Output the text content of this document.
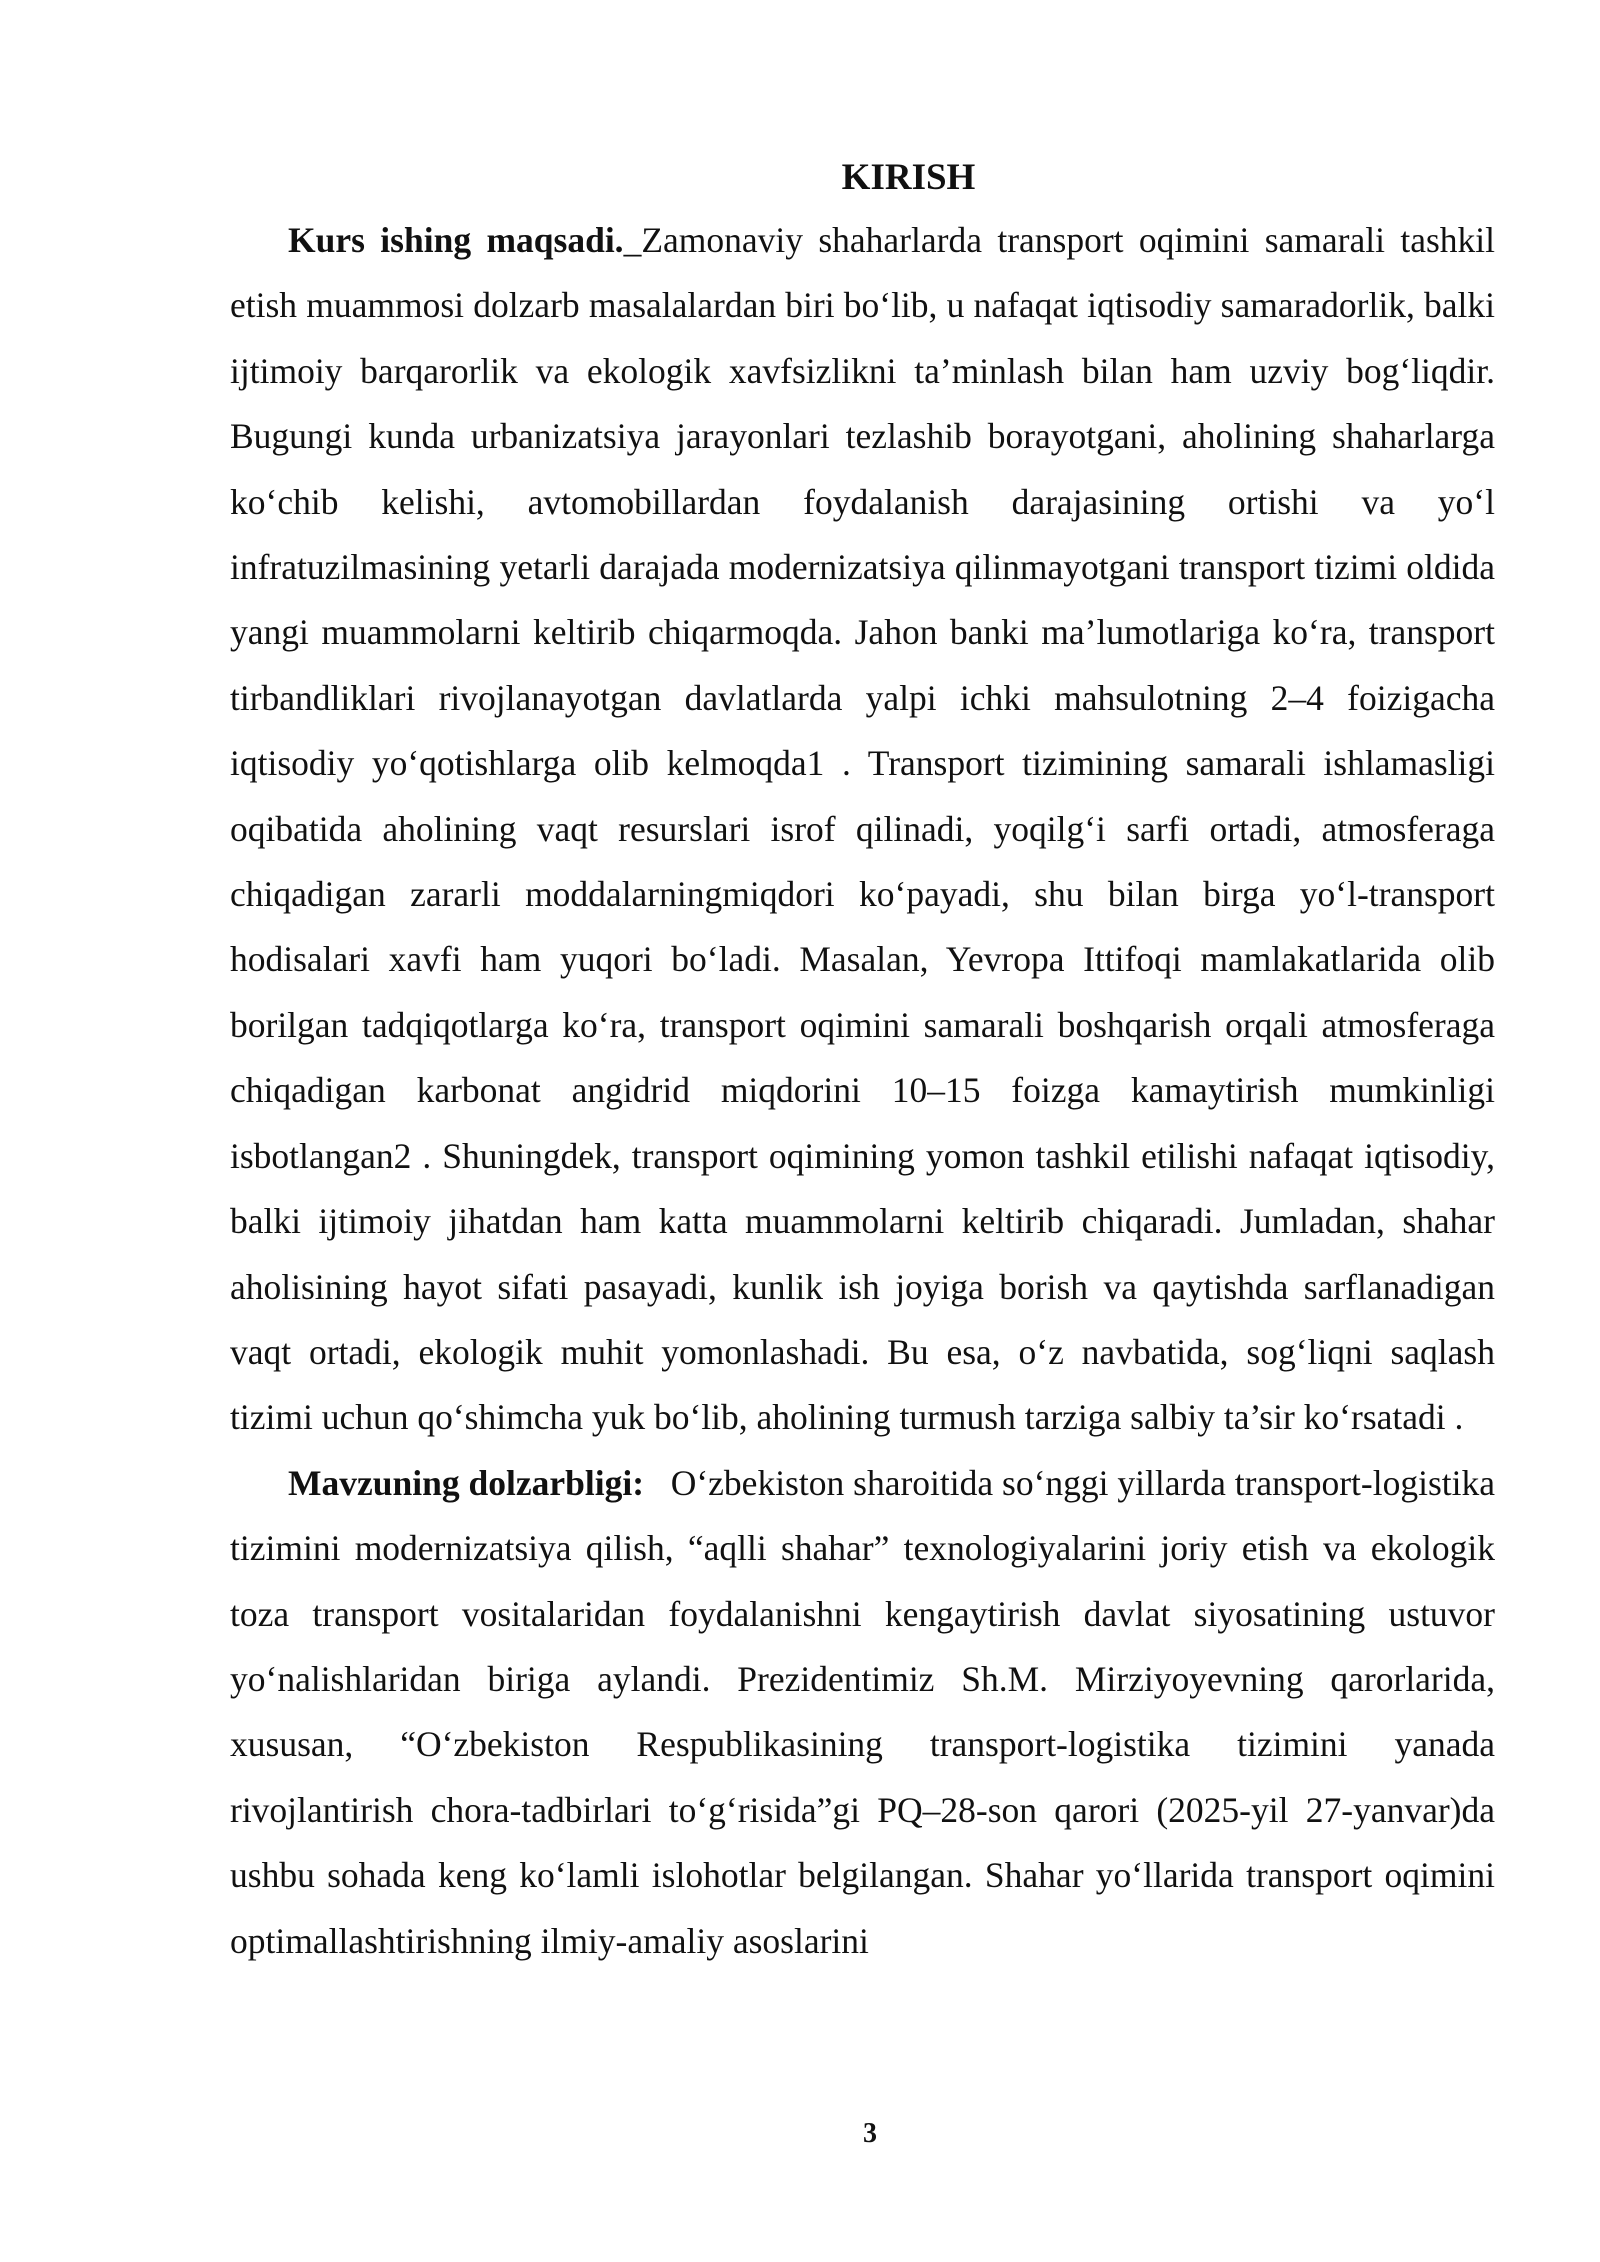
KIRISH

Kurs ishing maqsadi._Zamonaviy shaharlarda transport oqimini samarali tashkil etish muammosi dolzarb masalalardan biri bo‘lib, u nafaqat iqtisodiy samaradorlik, balki ijtimoiy barqarorlik va ekologik xavfsizlikni ta’minlash bilan ham uzviy bog‘liqdir. Bugungi kunda urbanizatsiya jarayonlari tezlashib borayotgani, aholining shaharlarga ko‘chib kelishi, avtomobillardan foydalanish darajasining ortishi va yo‘l infratuzilmasining yetarli darajada modernizatsiya qilinmayotgani transport tizimi oldida yangi muammolarni keltirib chiqarmoqda. Jahon banki ma’lumotlariga ko‘ra, transport tirbandliklari rivojlanayotgan davlatlarda yalpi ichki mahsulotning 2–4 foizigacha iqtisodiy yo‘qotishlarga olib kelmoqda1 . Transport tizimining samarali ishlamasligi oqibatida aholining vaqt resurslari isrof qilinadi, yoqilg‘i sarfi ortadi, atmosferaga chiqadigan zararli moddalarningmiqdori ko‘payadi, shu bilan birga yo‘l-transport hodisalari xavfi ham yuqori bo‘ladi. Masalan, Yevropa Ittifoqi mamlakatlarida olib borilgan tadqiqotlarga ko‘ra, transport oqimini samarali boshqarish orqali atmosferaga chiqadigan karbonat angidrid miqdorini 10–15 foizga kamaytirish mumkinligi isbotlangan2 . Shuningdek, transport oqimining yomon tashkil etilishi nafaqat iqtisodiy, balki ijtimoiy jihatdan ham katta muammolarni keltirib chiqaradi. Jumladan, shahar aholisining hayot sifati pasayadi, kunlik ish joyiga borish va qaytishda sarflanadigan vaqt ortadi, ekologik muhit yomonlashadi. Bu esa, o‘z navbatida, sog‘liqni saqlash tizimi uchun qo‘shimcha yuk bo‘lib, aholining turmush tarziga salbiy ta’sir ko‘rsatadi .

Mavzuning dolzarbligi: O‘zbekiston sharoitida so‘nggi yillarda transport-logistika tizimini modernizatsiya qilish, “aqlli shahar” texnologiyalarini joriy etish va ekologik toza transport vositalaridan foydalanishni kengaytirish davlat siyosatining ustuvor yo‘nalishlaridan biriga aylandi. Prezidentimiz Sh.M. Mirziyoyevning qarorlarida, xususan, “O‘zbekiston Respublikasining transport-logistika tizimini yanada rivojlantirish chora-tadbirlari to‘g‘risida”gi PQ–28-son qarori (2025-yil 27-yanvar)da ushbu sohada keng ko‘lamli islohotlar belgilangan. Shahar yo‘llarida transport oqimini optimallashtirishning ilmiy-amaliy asoslarini

3
